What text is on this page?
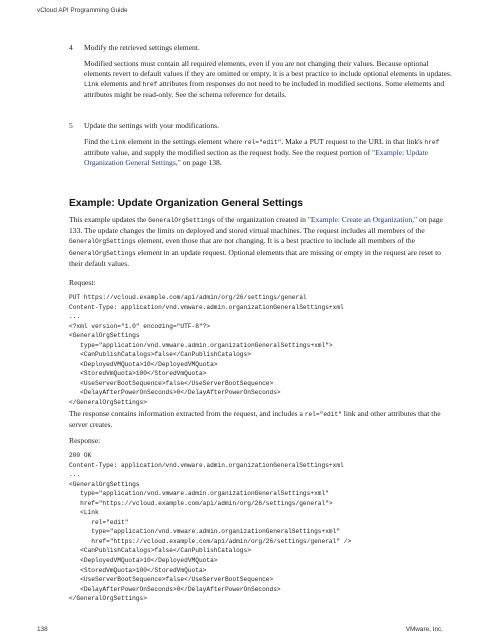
vCloud API Programming Guide
4 Modify the retrieved settings element.
Modified sections must contain all required elements, even if you are not changing their values. Because optional elements revert to default values if they are omitted or empty, it is a best practice to include optional elements in updates. Link elements and href attributes from responses do not need to be included in modified sections. Some elements and attributes might be read-only. See the schema reference for details.
5 Update the settings with your modifications.
Find the Link element in the settings element where rel="edit". Make a PUT request to the URL in that link's href attribute value, and supply the modified section as the request body. See the request portion of "Example: Update Organization General Settings," on page 138.
Example: Update Organization General Settings
This example updates the GeneralOrgSettings of the organization created in "Example: Create an Organization," on page 133. The update changes the limits on deployed and stored virtual machines. The request includes all members of the GeneralOrgSettings element, even those that are not changing. It is a best practice to include all members of the GeneralOrgSettings element in an update request. Optional elements that are missing or empty in the request are reset to their default values.
Request:
PUT https://vcloud.example.com/api/admin/org/26/settings/general
Content-Type: application/vnd.vmware.admin.organizationGeneralSettings+xml
...
<?xml version="1.0" encoding="UTF-8"?>
<GeneralOrgSettings
type="application/vnd.vmware.admin.organizationGeneralSettings+xml">
<CanPublishCatalogs>false</CanPublishCatalogs>
<DeployedVMQuota>10</DeployedVMQuota>
<StoredVmQuota>100</StoredVmQuota>
<UseServerBootSequence>false</UseServerBootSequence>
<DelayAfterPowerOnSeconds>0</DelayAfterPowerOnSeconds>
</GeneralOrgSettings>
The response contains information extracted from the request, and includes a rel="edit" link and other attributes that the server creates.
Response:
200 OK
Content-Type: application/vnd.vmware.admin.organizationGeneralSettings+xml
...
<GeneralOrgSettings
type="application/vnd.vmware.admin.organizationGeneralSettings+xml"
href="https://vcloud.example.com/api/admin/org/26/settings/general">
<Link
rel="edit"
type="application/vnd.vmware.admin.organizationGeneralSettings+xml"
href="https://vcloud.example.com/api/admin/org/26/settings/general" />
<CanPublishCatalogs>false</CanPublishCatalogs>
<DeployedVMQuota>10</DeployedVMQuota>
<StoredVmQuota>100</StoredVmQuota>
<UseServerBootSequence>false</UseServerBootSequence>
<DelayAfterPowerOnSeconds>0</DelayAfterPowerOnSeconds>
</GeneralOrgSettings>
138	VMware, Inc.
